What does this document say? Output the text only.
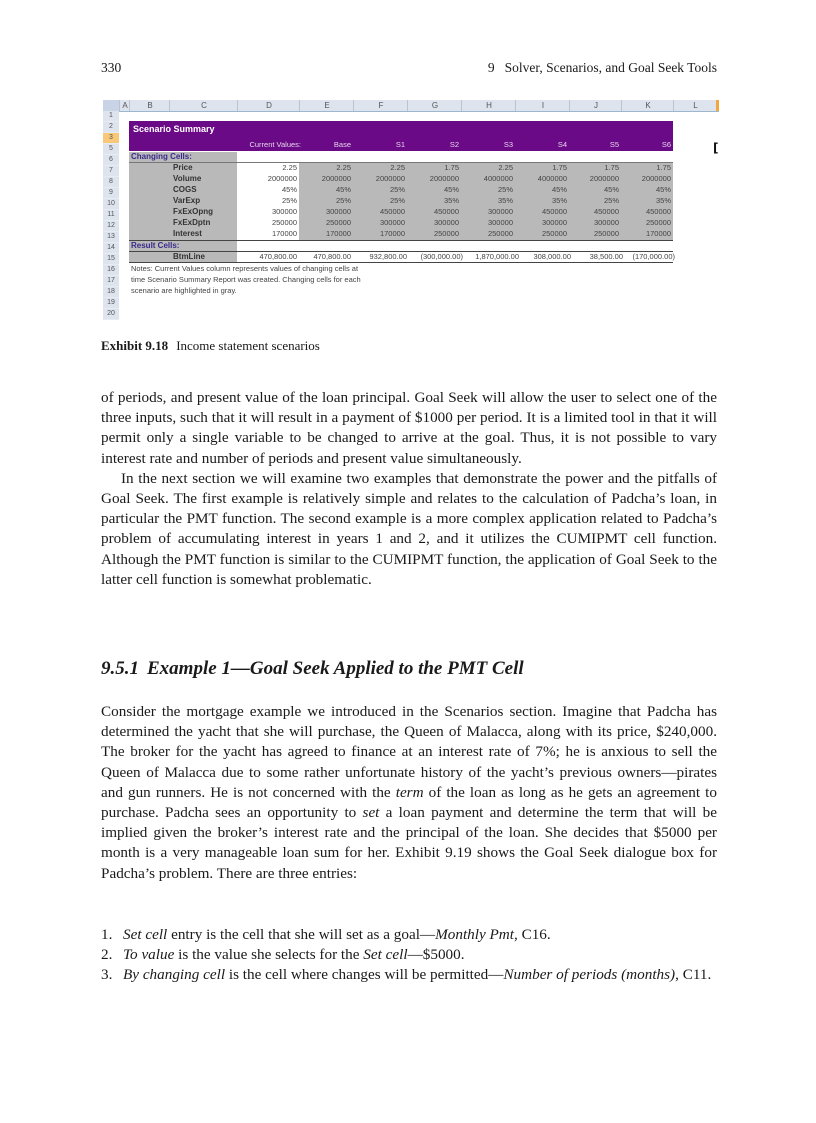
330	9 Solver, Scenarios, and Goal Seek Tools
A	B	C	D	E	F	G	H	I	J	K	L
1
2
3
5
6
7
8
9
10
11
12
13
14
15
16
17
18
19
20
Scenario Summary
Current Values:	Base	S1	S2	S3	S4	S5	S6
Changing Cells:
Price	2.25	2.25	2.25	1.75	2.25	1.75	1.75	1.75
Volume	2000000	2000000	2000000	2000000	4000000	4000000	2000000	2000000
COGS	45%	45%	25%	45%	25%	45%	45%	45%
VarExp	25%	25%	25%	35%	35%	35%	25%	35%
FxExOpng	300000	300000	450000	450000	300000	450000	450000	450000
FxExDptn	250000	250000	300000	300000	300000	300000	300000	250000
Interest	170000	170000	170000	250000	250000	250000	250000	170000
Result Cells:
BtmLine	470,800.00	470,800.00	932,800.00	(300,000.00)	1,870,000.00	308,000.00	38,500.00	(170,000.00)
Notes: Current Values column represents values of changing cells at
time Scenario Summary Report was created. Changing cells for each
scenario are highlighted in gray.
[
Exhibit 9.18 Income statement scenarios

of periods, and present value of the loan principal. Goal Seek will allow the user to select one of the three inputs, such that it will result in a payment of $1000 per period. It is a limited tool in that it will permit only a single variable to be changed to arrive at the goal. Thus, it is not possible to vary interest rate and number of periods and present value simultaneously.

In the next section we will examine two examples that demonstrate the power and the pitfalls of Goal Seek. The first example is relatively simple and relates to the calculation of Padcha’s loan, in particular the PMT function. The second example is a more complex application related to Padcha’s problem of accumulating interest in years 1 and 2, and it utilizes the CUMIPMT cell function. Although the PMT function is similar to the CUMIPMT function, the application of Goal Seek to the latter cell function is somewhat problematic.

9.5.1 Example 1—Goal Seek Applied to the PMT Cell

Consider the mortgage example we introduced in the Scenarios section. Imagine that Padcha has determined the yacht that she will purchase, the Queen of Malacca, along with its price, $240,000. The broker for the yacht has agreed to finance at an interest rate of 7%; he is anxious to sell the Queen of Malacca due to some rather unfortunate history of the yacht’s previous owners—pirates and gun runners. He is not concerned with the term of the loan as long as he gets an agreement to purchase. Padcha sees an opportunity to set a loan payment and determine the term that will be implied given the broker’s interest rate and the principal of the loan. She decides that $5000 per month is a very manageable loan sum for her. Exhibit 9.19 shows the Goal Seek dialogue box for Padcha’s problem. There are three entries:

1. Set cell entry is the cell that she will set as a goal—Monthly Pmt, C16.
2. To value is the value she selects for the Set cell—$5000.
3. By changing cell is the cell where changes will be permitted—Number of periods (months), C11.
